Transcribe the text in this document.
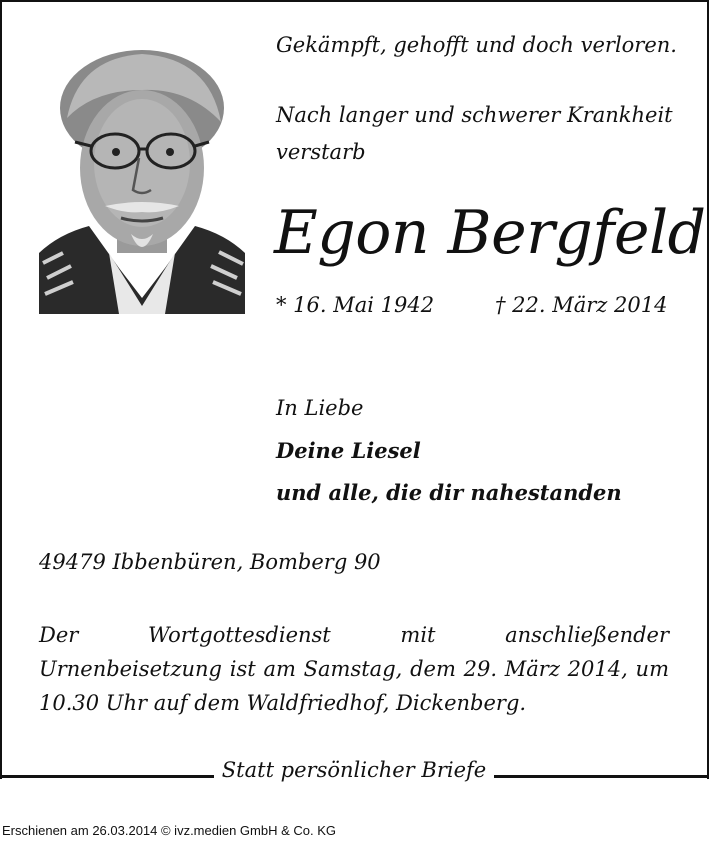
Statt persönlicher Briefe
Gekämpft, gehofft und doch verloren.
Nach langer und schwerer Krankheit
verstarb
Egon Bergfeld
* 16. Mai 1942	† 22. März 2014
In Liebe
Deine Liesel
und alle, die dir nahestanden
49479 Ibbenbüren, Bomberg 90
Der Wortgottesdienst mit anschließender Urnenbeisetzung ist am Samstag, dem 29. März 2014, um 10.30 Uhr auf dem Waldfriedhof, Dickenberg.
Erschienen am 26.03.2014 © ivz.medien GmbH & Co. KG
